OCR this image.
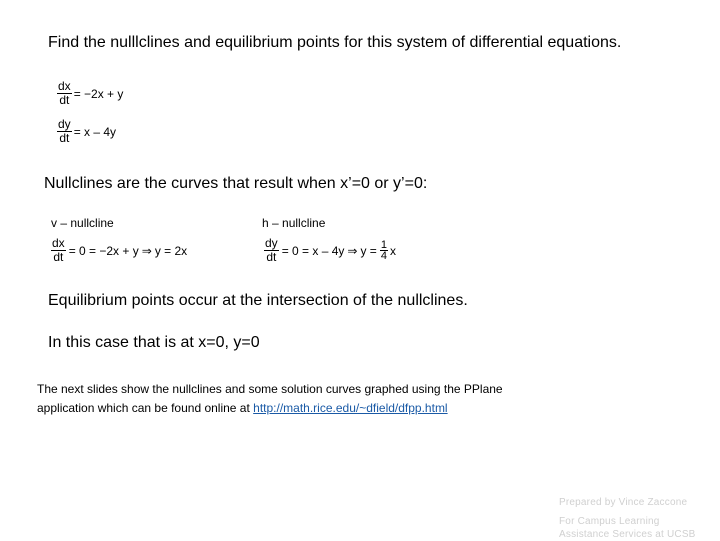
Find the nulllclines and equilibrium points for this system of differential equations.
$\frac{dx}{dt} = -2x + y$
$\frac{dy}{dt} = x - 4y$
Nullclines are the curves that result when x’=0 or y’=0:
v – nullcline
$\frac{dx}{dt} = 0 = -2x + y$ ⇒ y = 2x
h – nullcline
$\frac{dy}{dt} = 0 = x - 4y$ ⇒ $y = \frac{1}{4}$ x
Equilibrium points occur at the intersection of the nullclines.
In this case that is at x=0, y=0
The next slides show the nullclines and some solution curves graphed using the PPlane
application which can be found online at http://math.rice.edu/~dfield/dfpp.html
Prepared by Vince Zaccone
For Campus Learning
Assistance Services at UCSB
